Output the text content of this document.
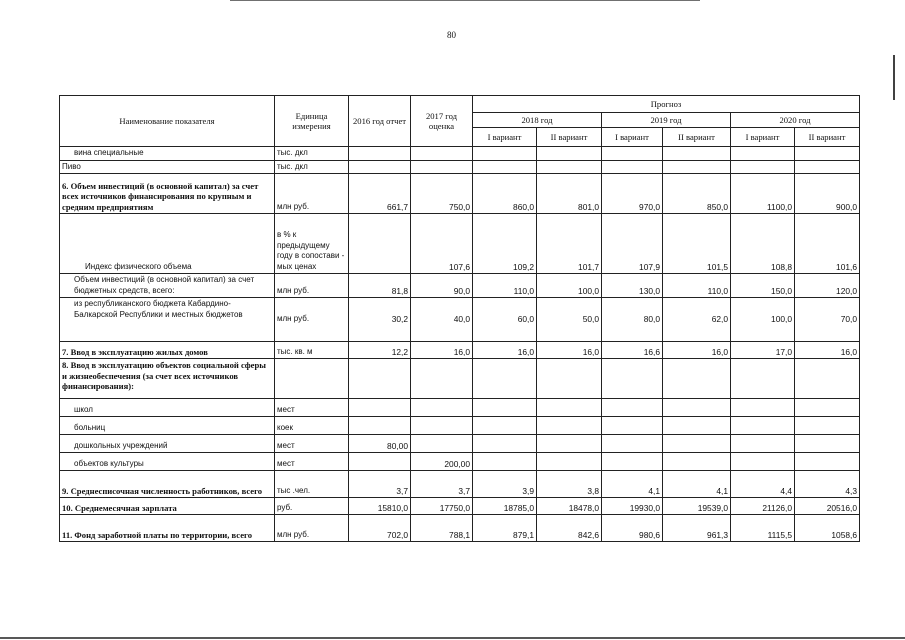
80
Наименование показателя	Единица измерения	2016 год отчет	2017 год оценка	Прогноз					
				2018 год		2019 год		2020 год	
				I вариант	II вариант	I вариант	II вариант	I вариант	II вариант
вина специальные	тыс. дкл								
Пиво	тыс. дкл								
6. Объем инвестиций (в основной капитал) за счет всех источников финансирования по крупным и средним предприятиям	млн руб.	661,7	750,0	860,0	801,0	970,0	850,0	1100,0	900,0
Индекс физического объема	в % к предыдущему году в сопостави - мых ценах		107,6	109,2	101,7	107,9	101,5	108,8	101,6
Объем инвестиций (в основной капитал) за счет бюджетных средств, всего:	млн руб.	81,8	90,0	110,0	100,0	130,0	110,0	150,0	120,0
из республиканского бюджета Кабардино-Балкарской Республики и местных бюджетов	млн руб.	30,2	40,0	60,0	50,0	80,0	62,0	100,0	70,0
7. Ввод в эксплуатацию жилых домов	тыс. кв. м	12,2	16,0	16,0	16,0	16,6	16,0	17,0	16,0
8. Ввод в эксплуатацию объектов социальной сферы и жизнеобеспечения (за счет всех источников финансирования):									
школ	мест								
больниц	коек								
дошкольных учреждений	мест	80,00							
объектов культуры	мест		200,00						
9. Среднесписочная численность работников, всего	тыс .чел.	3,7	3,7	3,9	3,8	4,1	4,1	4,4	4,3
10. Среднемесячная зарплата	руб.	15810,0	17750,0	18785,0	18478,0	19930,0	19539,0	21126,0	20516,0
11. Фонд заработной платы по территории, всего	млн руб.	702,0	788,1	879,1	842,6	980,6	961,3	1115,5	1058,6
